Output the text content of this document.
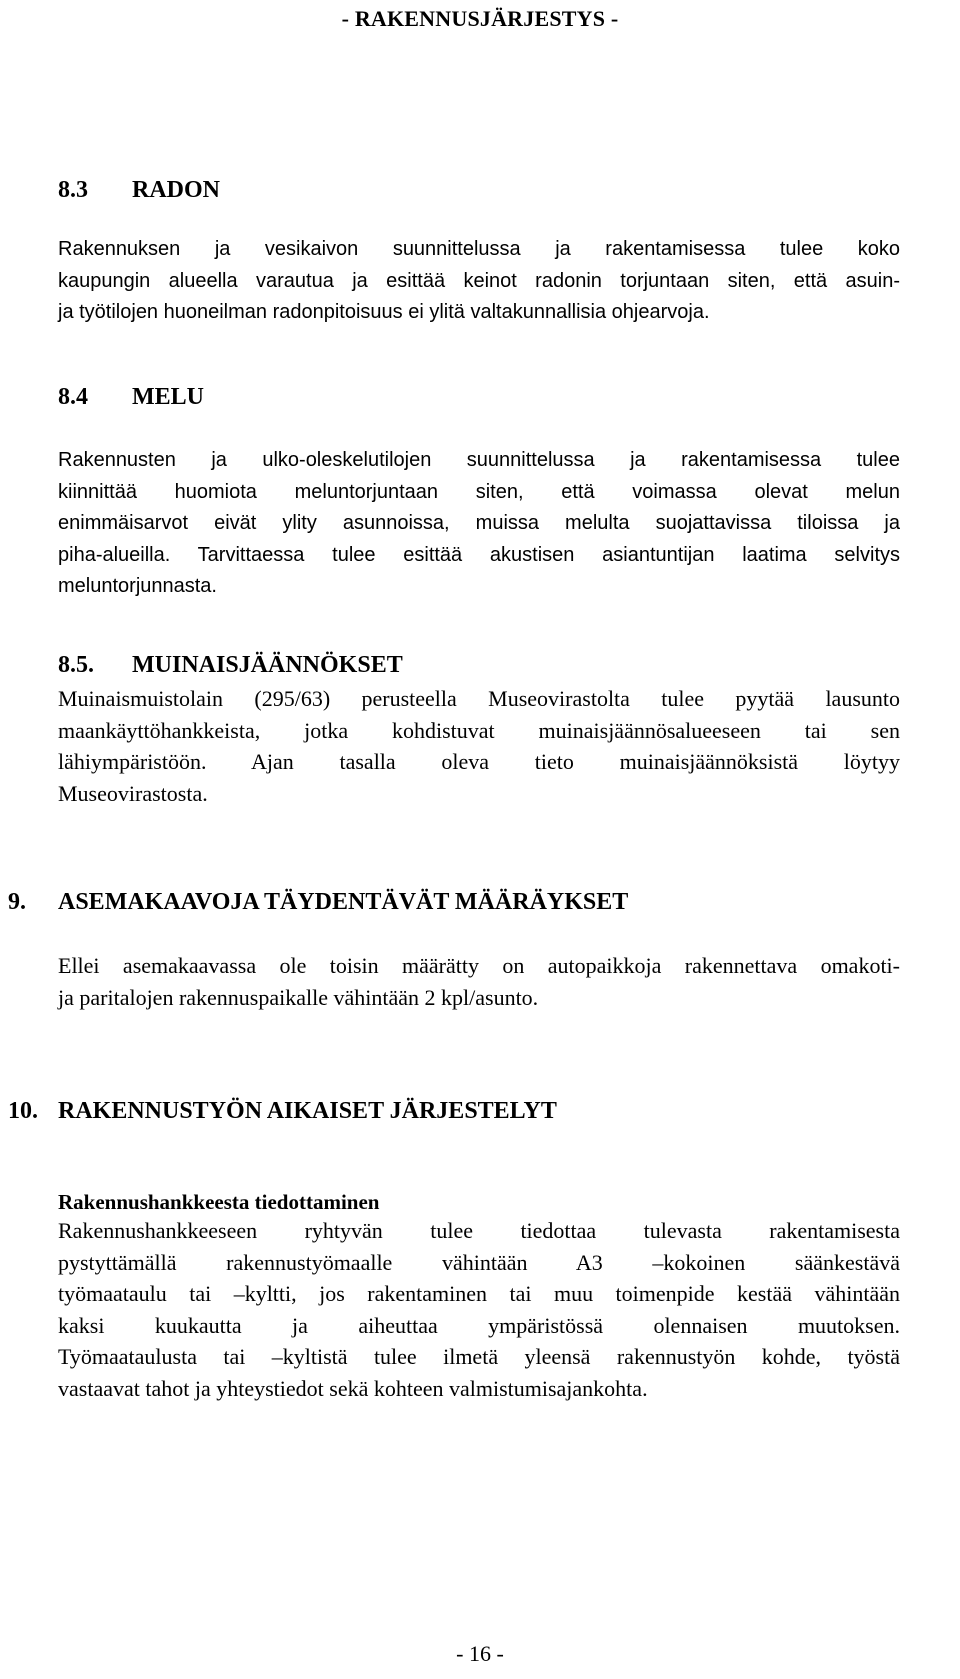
- RAKENNUSJÄRJESTYS -
8.3 RADON
Rakennuksen ja vesikaivon suunnittelussa ja rakentamisessa tulee koko
kaupungin alueella varautua ja esittää keinot radonin torjuntaan siten, että asuin-
ja työtilojen huoneilman radonpitoisuus ei ylitä valtakunnallisia ohjearvoja.
8.4 MELU
Rakennusten ja ulko-oleskelutilojen suunnittelussa ja rakentamisessa tulee
kiinnittää huomiota meluntorjuntaan siten, että voimassa olevat melun
enimmäisarvot eivät ylity asunnoissa, muissa melulta suojattavissa tiloissa ja
piha-alueilla. Tarvittaessa tulee esittää akustisen asiantuntijan laatima selvitys
meluntorjunnasta.
8.5. MUINAISJÄÄNNÖKSET
Muinaismuistolain (295/63) perusteella Museovirastolta tulee pyytää lausunto
maankäyttöhankkeista, jotka kohdistuvat muinaisjäännösalueeseen tai sen
lähiympäristöön. Ajan tasalla oleva tieto muinaisjäännöksistä löytyy
Museovirastosta.
9. ASEMAKAAVOJA TÄYDENTÄVÄT MÄÄRÄYKSET
Ellei asemakaavassa ole toisin määrätty on autopaikkoja rakennettava omakoti-
ja paritalojen rakennuspaikalle vähintään 2 kpl/asunto.
10. RAKENNUSTYÖN AIKAISET JÄRJESTELYT
Rakennushankkeesta tiedottaminen
Rakennushankkeeseen ryhtyvän tulee tiedottaa tulevasta rakentamisesta
pystyttämällä rakennustyömaalle vähintään A3 –kokoinen säänkestävä
työmaataulu tai –kyltti, jos rakentaminen tai muu toimenpide kestää vähintään
kaksi kuukautta ja aiheuttaa ympäristössä olennaisen muutoksen.
Työmaataulusta tai –kyltistä tulee ilmetä yleensä rakennustyön kohde, työstä
vastaavat tahot ja yhteystiedot sekä kohteen valmistumisajankohta.
- 16 -
